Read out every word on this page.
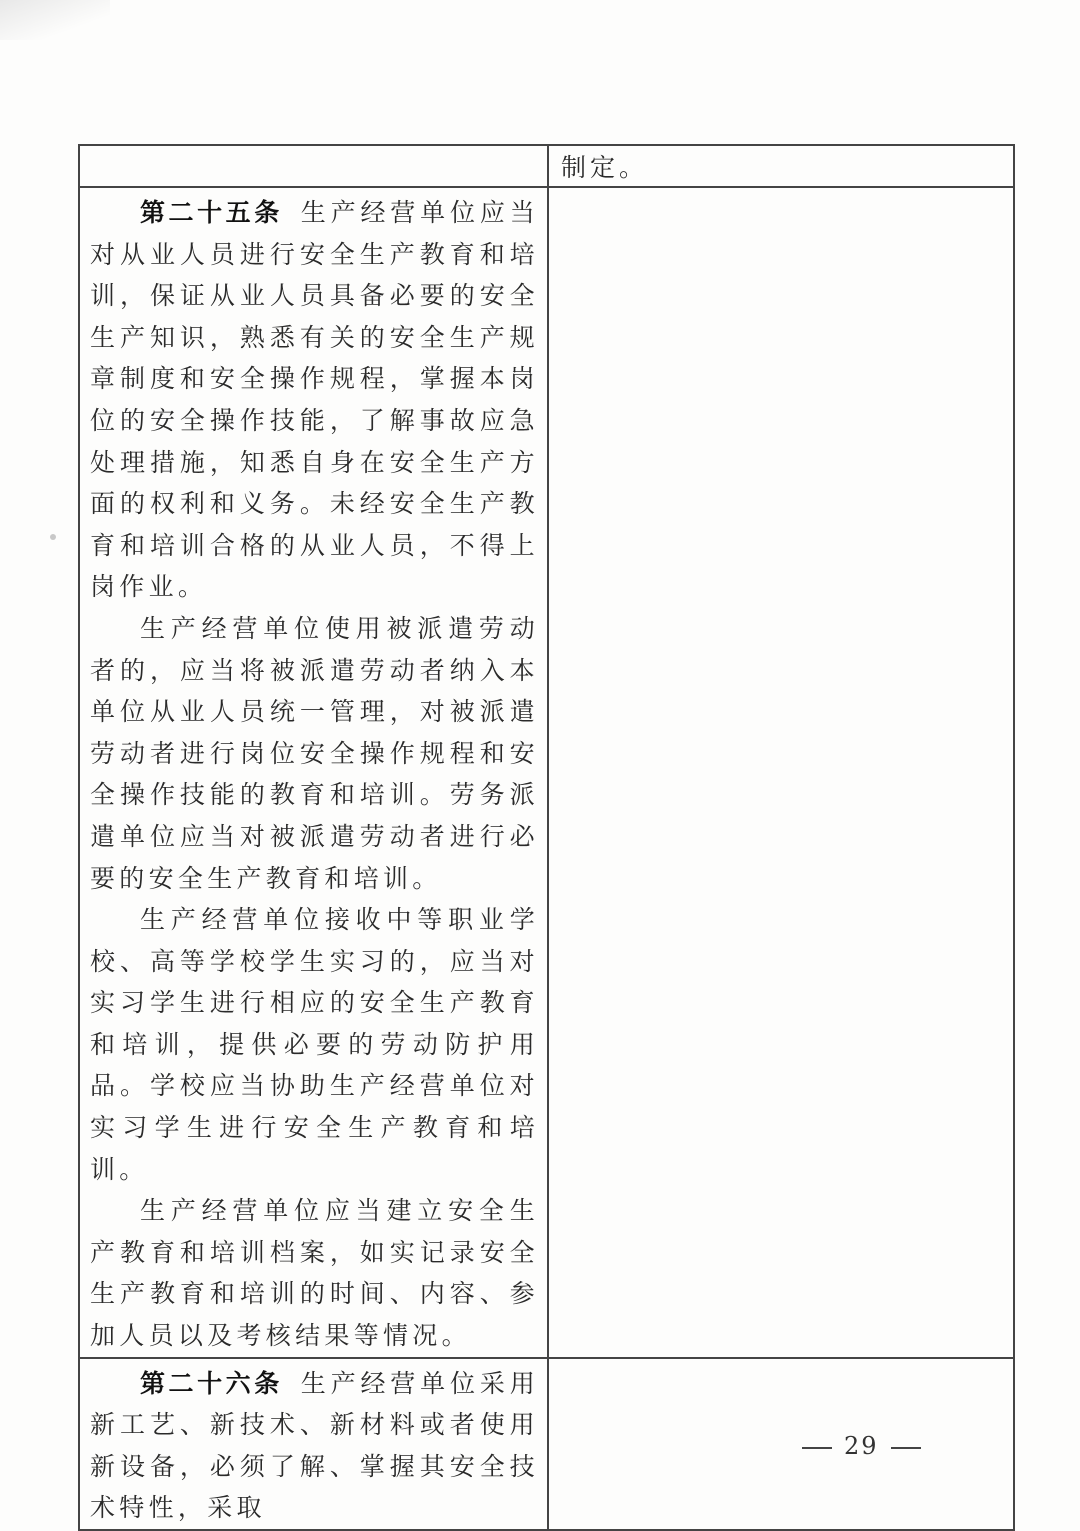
	制定。

第二十五条 生产经营单位应当对从业人员进行安全生产教育和培训，保证从业人员具备必要的安全生产知识，熟悉有关的安全生产规章制度和安全操作规程，掌握本岗位的安全操作技能，了解事故应急处理措施，知悉自身在安全生产方面的权利和义务。未经安全生产教育和培训合格的从业人员，不得上岗作业。

生产经营单位使用被派遣劳动者的，应当将被派遣劳动者纳入本单位从业人员统一管理，对被派遣劳动者进行岗位安全操作规程和安全操作技能的教育和培训。劳务派遣单位应当对被派遣劳动者进行必要的安全生产教育和培训。

生产经营单位接收中等职业学校、高等学校学生实习的，应当对实习学生进行相应的安全生产教育和培训，提供必要的劳动防护用品。学校应当协助生产经营单位对实习学生进行安全生产教育和培训。

生产经营单位应当建立安全生产教育和培训档案，如实记录安全生产教育和培训的时间、内容、参加人员以及考核结果等情况。	

第二十六条 生产经营单位采用新工艺、新技术、新材料或者使用新设备，必须了解、掌握其安全技术特性，采取	

29
